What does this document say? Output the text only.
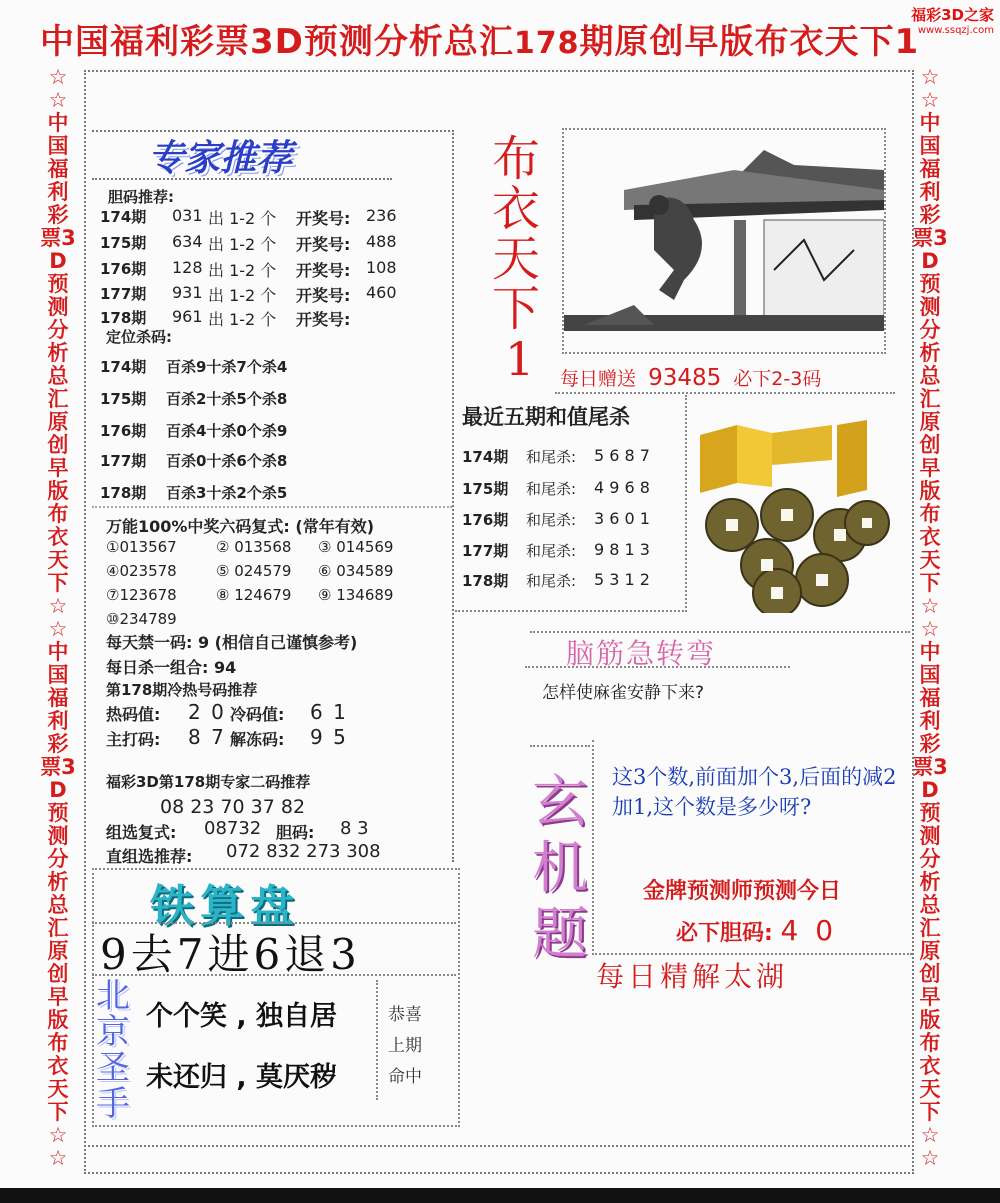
中国福利彩票3D预测分析总汇178期原创早版布衣天下1
福彩3D之家
www.ssqzj.com
☆☆中国福利彩票3D预测分析总汇原创早版布衣天下☆☆中国福利彩票3D预测分析总汇原创早版布衣天下☆☆
☆☆中国福利彩票3D预测分析总汇原创早版布衣天下☆☆中国福利彩票3D预测分析总汇原创早版布衣天下☆☆
专家推荐
胆码推荐:
174期 031 出 1-2 个 开奖号: 236
175期 634 出 1-2 个 开奖号: 488
176期 128 出 1-2 个 开奖号: 108
177期 931 出 1-2 个 开奖号: 460
178期 961 出 1-2 个 开奖号:
定位杀码:
174期 百杀9十杀7个杀4
175期 百杀2十杀5个杀8
176期 百杀4十杀0个杀9
177期 百杀0十杀6个杀8
178期 百杀3十杀2个杀5
万能100%中奖六码复式: (常年有效)
①013567	② 013568 ③ 014569
④023578	⑤ 024579 ⑥ 034589
⑦123678	⑧ 124679 ⑨ 134689
⑩234789
每天禁一码: 9 (相信自己谨慎参考)
每日杀一组合: 94
第178期冷热号码推荐
热码值: 2 0 冷码值: 6 1
主打码: 8 7 解冻码: 9 5
福彩3D第178期专家二码推荐
08 23 70 37 82
组选复式: 08732 胆码: 8 3
直组选推荐: 072 832 273 308
铁算盘
9去7进6退3
北京圣手
个个笑 , 独自居
未还归 , 莫厌秽
恭喜
上期
命中
布衣天下
1 每日赠送 93485 必下2-3码
最近五期和值尾杀
174期 和尾杀: 5 6 8 7
175期 和尾杀: 4 9 6 8
176期 和尾杀: 3 6 0 1
177期 和尾杀: 9 8 1 3
178期 和尾杀: 5 3 1 2
脑筋急转弯
怎样使麻雀安静下来?
玄机题
这3个数,前面加个3,后面的减2加1,这个数是多少呀?
金牌预测师预测今日
必下胆码: 4 0
每日精解太湖
